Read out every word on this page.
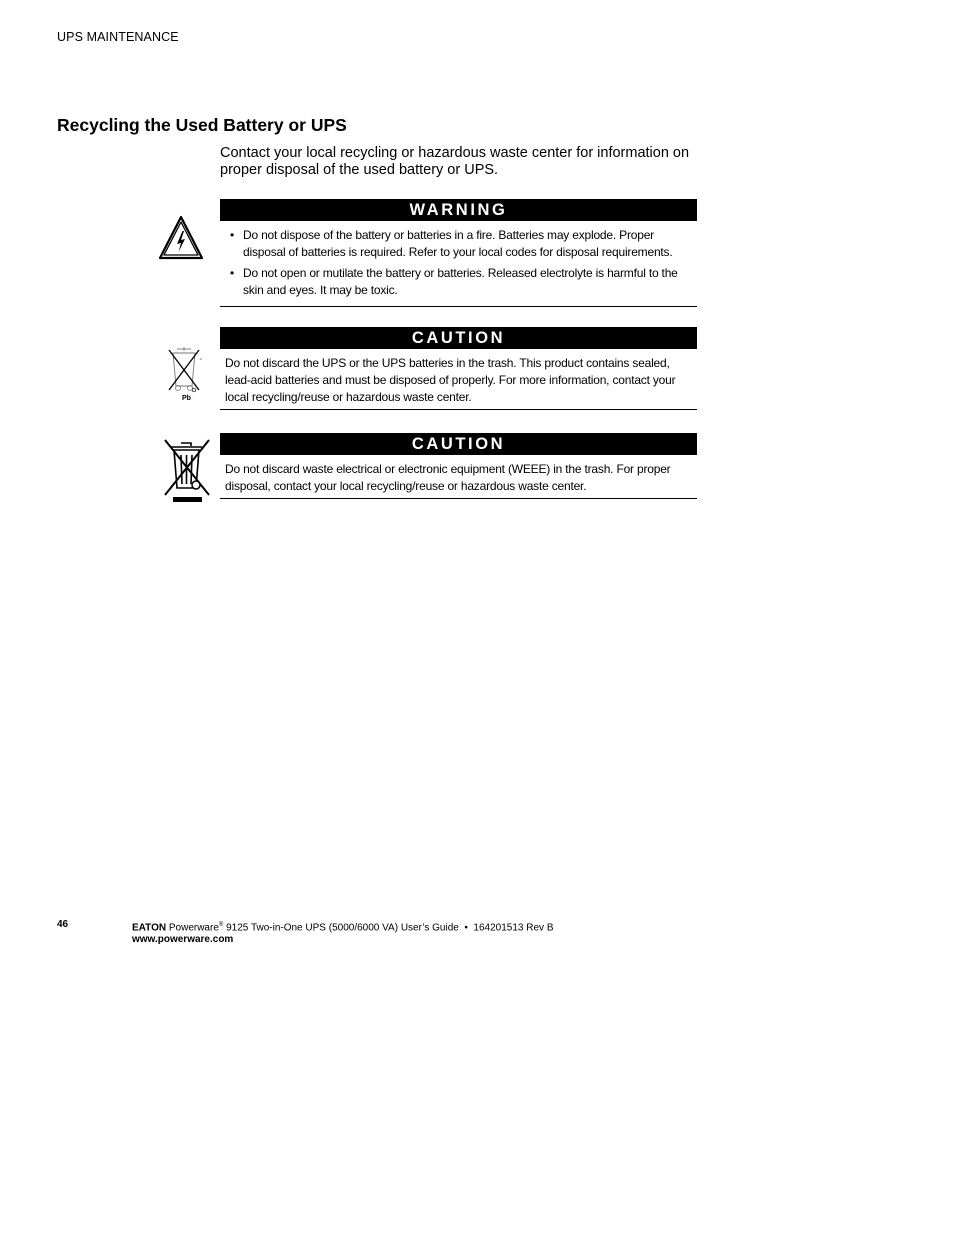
UPS MAINTENANCE
Recycling the Used Battery or UPS

Contact your local recycling or hazardous waste center for information on proper disposal of the used battery or UPS.

WARNING
• Do not dispose of the battery or batteries in a fire. Batteries may explode. Proper disposal of batteries is required. Refer to your local codes for disposal requirements.
• Do not open or mutilate the battery or batteries. Released electrolyte is harmful to the skin and eyes. It may be toxic.
Pb
CAUTION
Do not discard the UPS or the UPS batteries in the trash. This product contains sealed, lead-acid batteries and must be disposed of properly. For more information, contact your local recycling/reuse or hazardous waste center.
CAUTION
Do not discard waste electrical or electronic equipment (WEEE) in the trash. For proper disposal, contact your local recycling/reuse or hazardous waste center.
46	EATON Powerware® 9125 Two-in-One UPS (5000/6000 VA) User’s Guide  •  164201513 Rev B
www.powerware.com
